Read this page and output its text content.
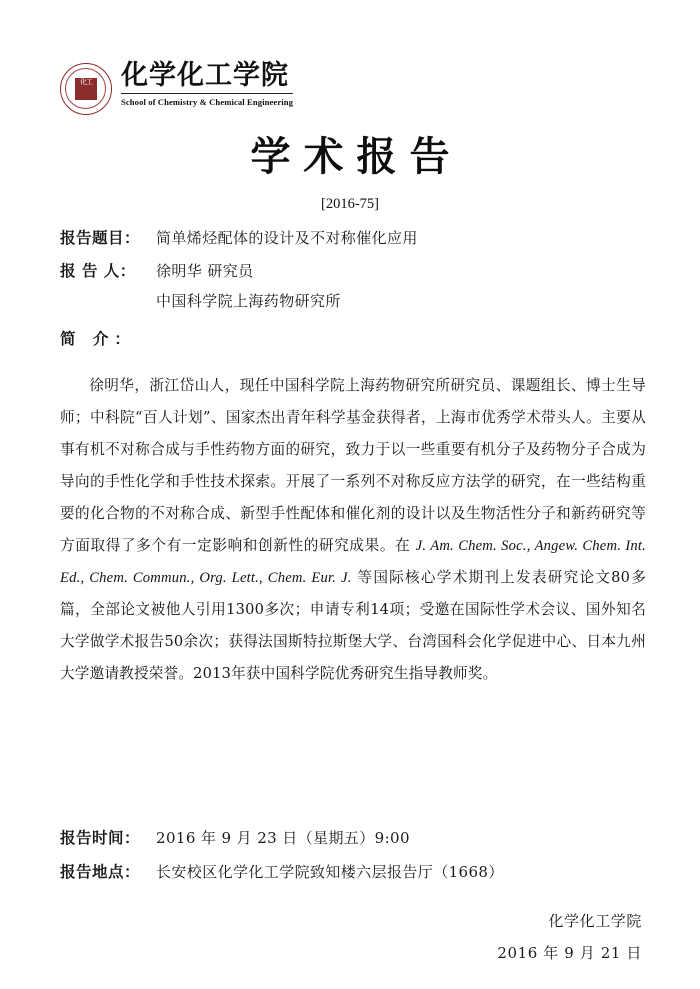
化工 化学化工学院
School of Chemistry & Chemical Engineering
学术报告
[2016-75]
报告题目：	简单烯烃配体的设计及不对称催化应用
报 告 人：	徐明华 研究员
中国科学院上海药物研究所
简 介：
徐明华，浙江岱山人，现任中国科学院上海药物研究所研究员、课题组长、博士生导师；中科院“百人计划”、国家杰出青年科学基金获得者，上海市优秀学术带头人。主要从事有机不对称合成与手性药物方面的研究，致力于以一些重要有机分子及药物分子合成为导向的手性化学和手性技术探索。开展了一系列不对称反应方法学的研究，在一些结构重要的化合物的不对称合成、新型手性配体和催化剂的设计以及生物活性分子和新药研究等方面取得了多个有一定影响和创新性的研究成果。在 J. Am. Chem. Soc., Angew. Chem. Int. Ed., Chem. Commun., Org. Lett., Chem. Eur. J. 等国际核心学术期刊上发表研究论文80多篇，全部论文被他人引用1300多次；申请专利14项；受邀在国际性学术会议、国外知名大学做学术报告50余次；获得法国斯特拉斯堡大学、台湾国科会化学促进中心、日本九州大学邀请教授荣誉。2013年获中国科学院优秀研究生指导教师奖。
报告时间：	2016 年 9 月 23 日（星期五）9:00
报告地点：	长安校区化学化工学院致知楼六层报告厅（1668）
化学化工学院
2016 年 9 月 21 日
